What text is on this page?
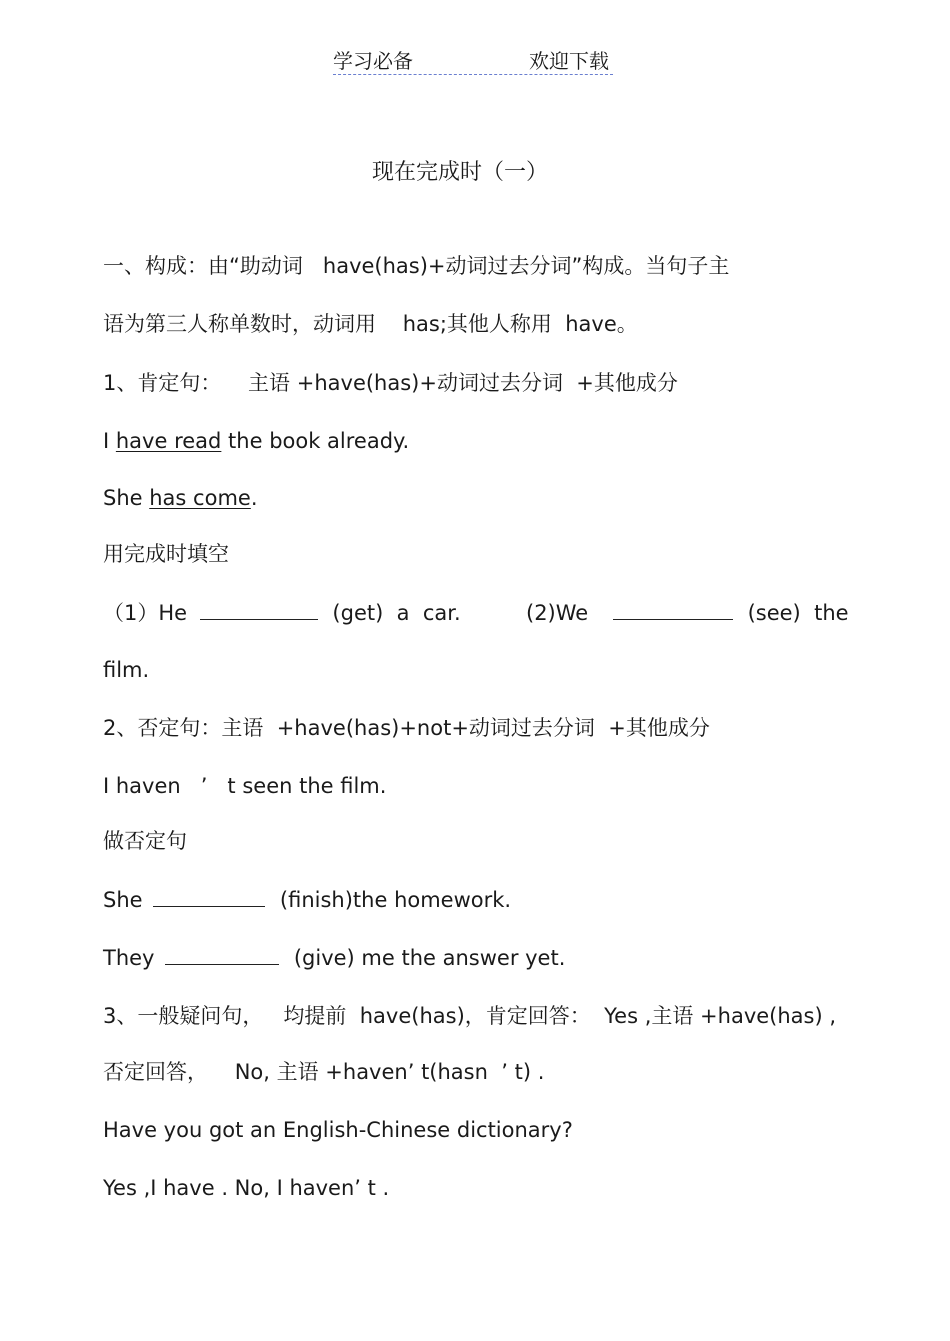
学习必备	欢迎下载
现在完成时（一）
一、构成：由“助动词   have(has)+动词过去分词”构成。当句子主
语为第三人称单数时，动词用    has;其他人称用  have。
1、肯定句：    主语 +have(has)+动词过去分词  +其他成分
I have read the book already.
She has come.
用完成时填空
（1）He	(get)  a  car.	(2)We	(see)  the
film.
2、否定句：主语  +have(has)+not+动词过去分词  +其他成分
I haven   ’   t seen the film.
做否定句
She	(finish)the homework.
They	(give) me the answer yet.
3、一般疑问句，   均提前  have(has)，肯定回答：  Yes ,主语 +have(has) ,
否定回答，    No, 主语 +haven’ t(hasn  ’ t) .
Have you got an English-Chinese dictionary?
Yes ,I have . No, I haven’ t .
